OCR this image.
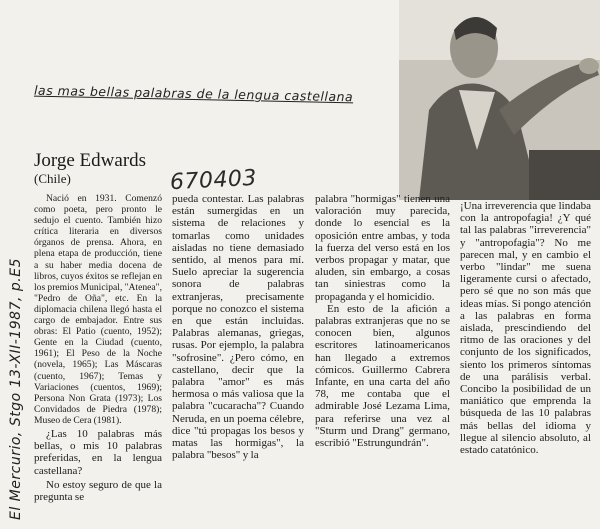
El Mercurio, Stgo 13-XII-1987, p.E5
las mas bellas palabras de la lengua castellana
670403
Jorge Edwards
(Chile)

Nació en 1931. Comenzó como poeta, pero pronto le sedujo el cuento. También hizo crítica literaria en diversos órganos de prensa. Ahora, en plena etapa de producción, tiene a su haber media docena de libros, cuyos éxitos se reflejan en los premios Municipal, "Atenea", "Pedro de Oña", etc. En la diplomacia chilena llegó hasta el cargo de embajador. Entre sus obras: El Patio (cuento, 1952); Gente en la Ciudad (cuento, 1961); El Peso de la Noche (novela, 1965); Las Máscaras (cuento, 1967); Temas y Variaciones (cuentos, 1969); Persona Non Grata (1973); Los Convidados de Piedra (1978); Museo de Cera (1981).

¿Las 10 palabras más bellas, o mis 10 palabras preferidas, en la lengua castellana?

No estoy seguro de que la pregunta se

pueda contestar. Las palabras están sumergidas en un sistema de relaciones y tomarlas como unidades aisladas no tiene demasiado sentido, al menos para mí. Suelo apreciar la sugerencia sonora de palabras extranjeras, precisamente porque no conozco el sistema en que están incluidas. Palabras alemanas, griegas, rusas. Por ejemplo, la palabra "sofrosine". ¿Pero cómo, en castellano, decir que la palabra "amor" es más hermosa o más valiosa que la palabra "cucaracha"? Cuando Neruda, en un poema célebre, dice "tú propagas los besos y matas las hormigas", la palabra "besos" y la

palabra "hormigas" tienen una valoración muy parecida, donde lo esencial es la oposición entre ambas, y toda la fuerza del verso está en los verbos propagar y matar, que aluden, sin embargo, a cosas tan siniestras como la propaganda y el homicidio.

En esto de la afición a palabras extranjeras que no se conocen bien, algunos escritores latinoamericanos han llegado a extremos cómicos. Guillermo Cabrera Infante, en una carta del año 78, me contaba que el admirable José Lezama Lima, para referirse una vez al "Sturm und Drang" germano, escribió "Estrungundrán".

¡Una irreverencia que lindaba con la antropofagia! ¿Y qué tal las palabras "irreverencia" y "antropofagia"? No me parecen mal, y en cambio el verbo "lindar" me suena ligeramente cursi o afectado, pero sé que no son más que ideas mías. Si pongo atención a las palabras en forma aislada, prescindiendo del ritmo de las oraciones y del conjunto de los significados, siento los primeros síntomas de una parálisis verbal. Concibo la posibilidad de un maniático que emprenda la búsqueda de las 10 palabras más bellas del idioma y llegue al silencio absoluto, al estado catatónico.
